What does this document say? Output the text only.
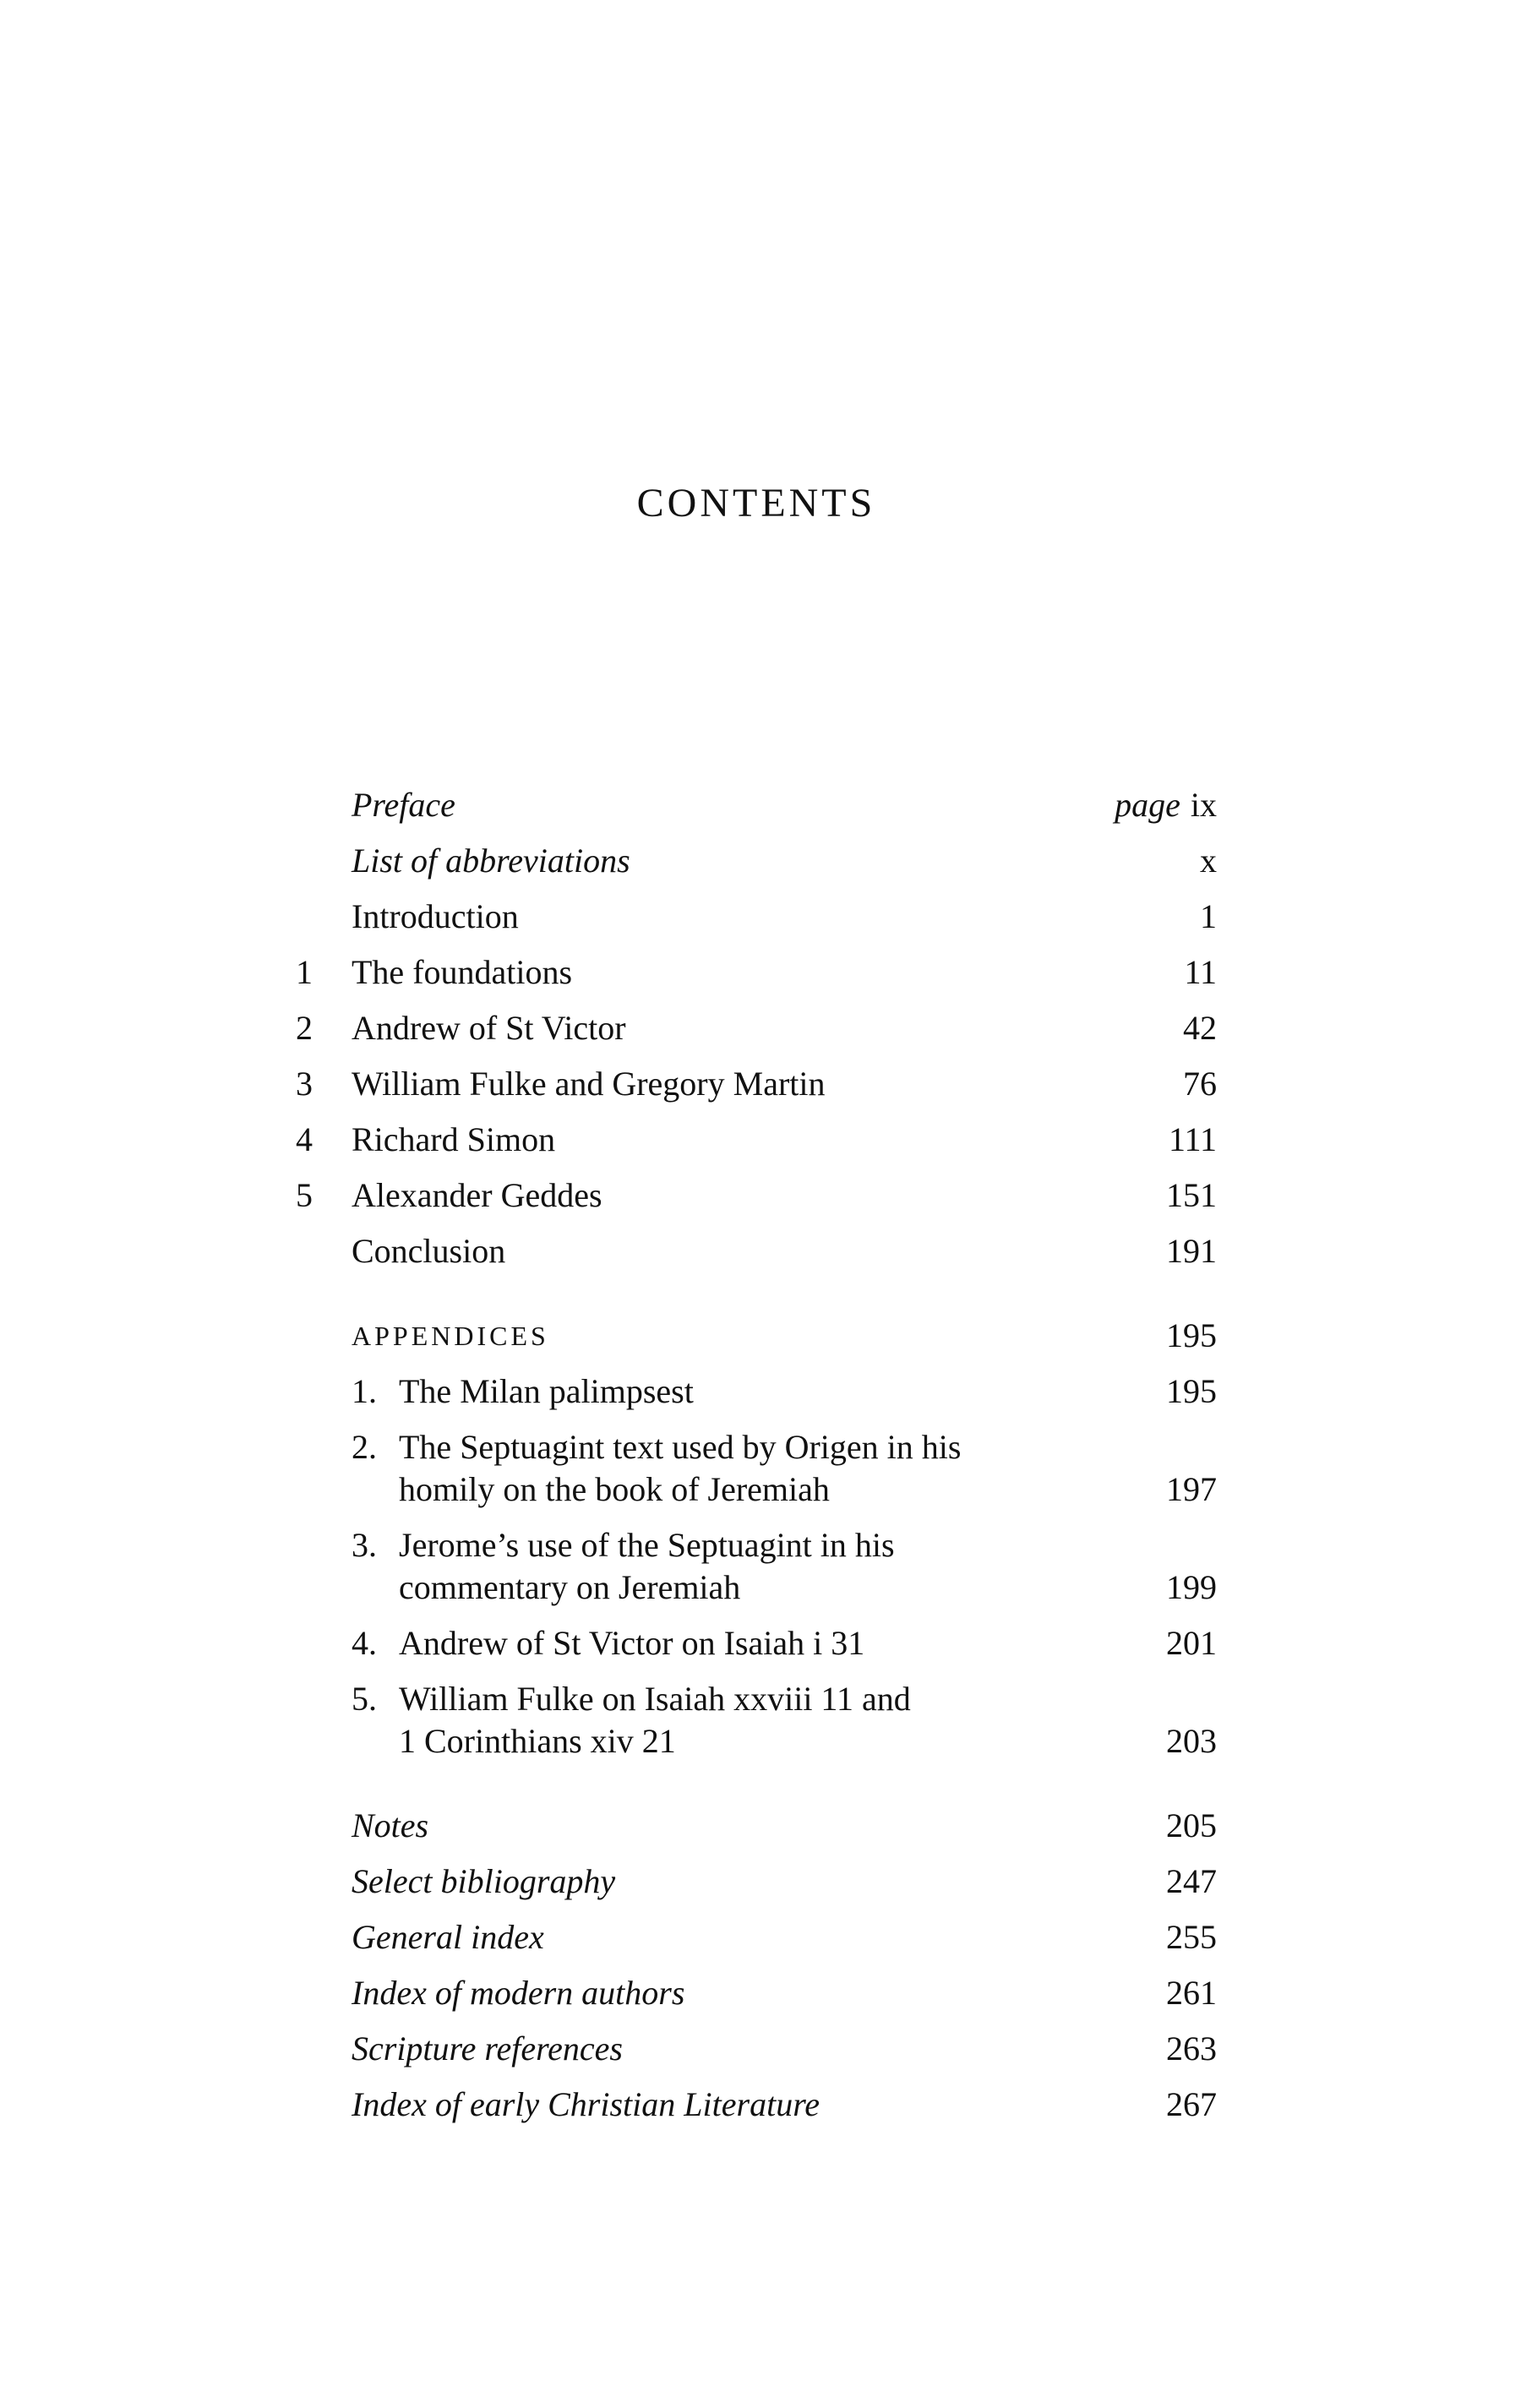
CONTENTS
Preface	page ix
List of abbreviations	x
Introduction	1
1 The foundations	11
2 Andrew of St Victor	42
3 William Fulke and Gregory Martin	76
4 Richard Simon	111
5 Alexander Geddes	151
Conclusion	191
APPENDICES	195
1. The Milan palimpsest	195
2. The Septuagint text used by Origen in his
homily on the book of Jeremiah	197
3. Jerome’s use of the Septuagint in his
commentary on Jeremiah	199
4. Andrew of St Victor on Isaiah i 31	201
5. William Fulke on Isaiah xxviii 11 and
1 Corinthians xiv 21	203
Notes	205
Select bibliography	247
General index	255
Index of modern authors	261
Scripture references	263
Index of early Christian Literature	267
